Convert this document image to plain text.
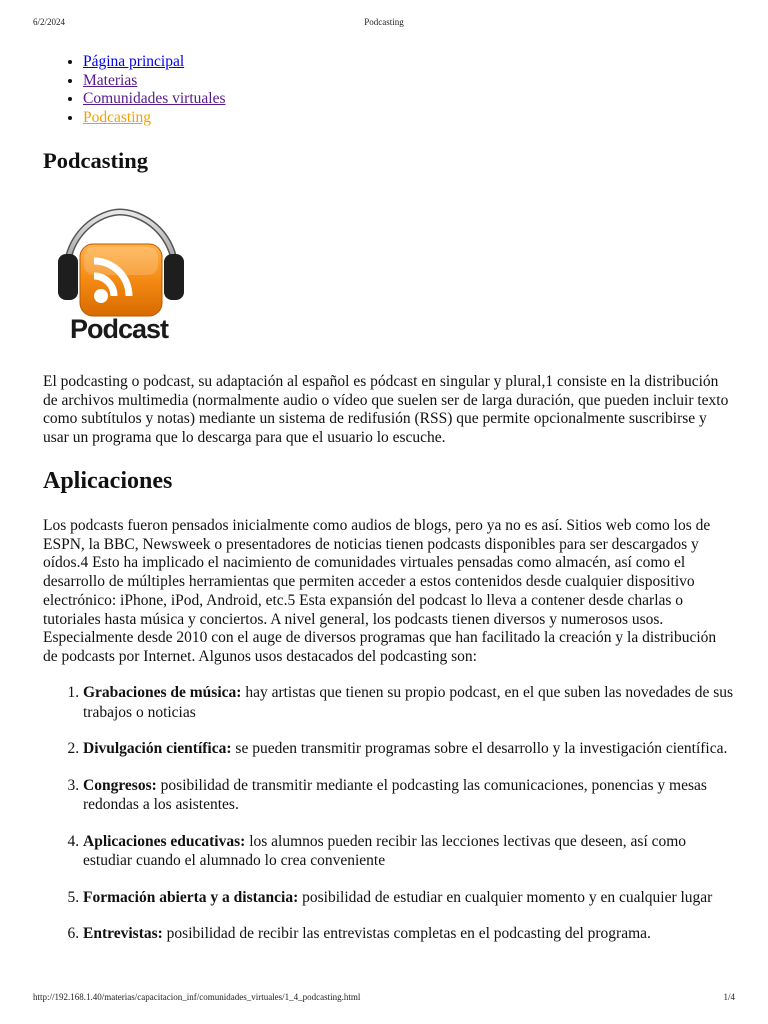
6/2/2024	Podcasting
• Página principal
• Materias
• Comunidades virtuales
• Podcasting
Podcasting
Podcast

El podcasting o podcast, su adaptación al español es pódcast en singular y plural,1 consiste en la distribución de archivos multimedia (normalmente audio o vídeo que suelen ser de larga duración, que pueden incluir texto como subtítulos y notas) mediante un sistema de redifusión (RSS) que permite opcionalmente suscribirse y usar un programa que lo descarga para que el usuario lo escuche.

Aplicaciones

Los podcasts fueron pensados inicialmente como audios de blogs, pero ya no es así. Sitios web como los de ESPN, la BBC, Newsweek o presentadores de noticias tienen podcasts disponibles para ser descargados y oídos.4 Esto ha implicado el nacimiento de comunidades virtuales pensadas como almacén, así como el desarrollo de múltiples herramientas que permiten acceder a estos contenidos desde cualquier dispositivo electrónico: iPhone, iPod, Android, etc.5 Esta expansión del podcast lo lleva a contener desde charlas o tutoriales hasta música y conciertos. A nivel general, los podcasts tienen diversos y numerosos usos. Especialmente desde 2010 con el auge de diversos programas que han facilitado la creación y la distribución de podcasts por Internet. Algunos usos destacados del podcasting son:

1. Grabaciones de música: hay artistas que tienen su propio podcast, en el que suben las novedades de sus trabajos o noticias
2. Divulgación científica: se pueden transmitir programas sobre el desarrollo y la investigación científica.
3. Congresos: posibilidad de transmitir mediante el podcasting las comunicaciones, ponencias y mesas redondas a los asistentes.
4. Aplicaciones educativas: los alumnos pueden recibir las lecciones lectivas que deseen, así como estudiar cuando el alumnado lo crea conveniente
5. Formación abierta y a distancia: posibilidad de estudiar en cualquier momento y en cualquier lugar
6. Entrevistas: posibilidad de recibir las entrevistas completas en el podcasting del programa.
http://192.168.1.40/materias/capacitacion_inf/comunidades_virtuales/1_4_podcasting.html	1/4
